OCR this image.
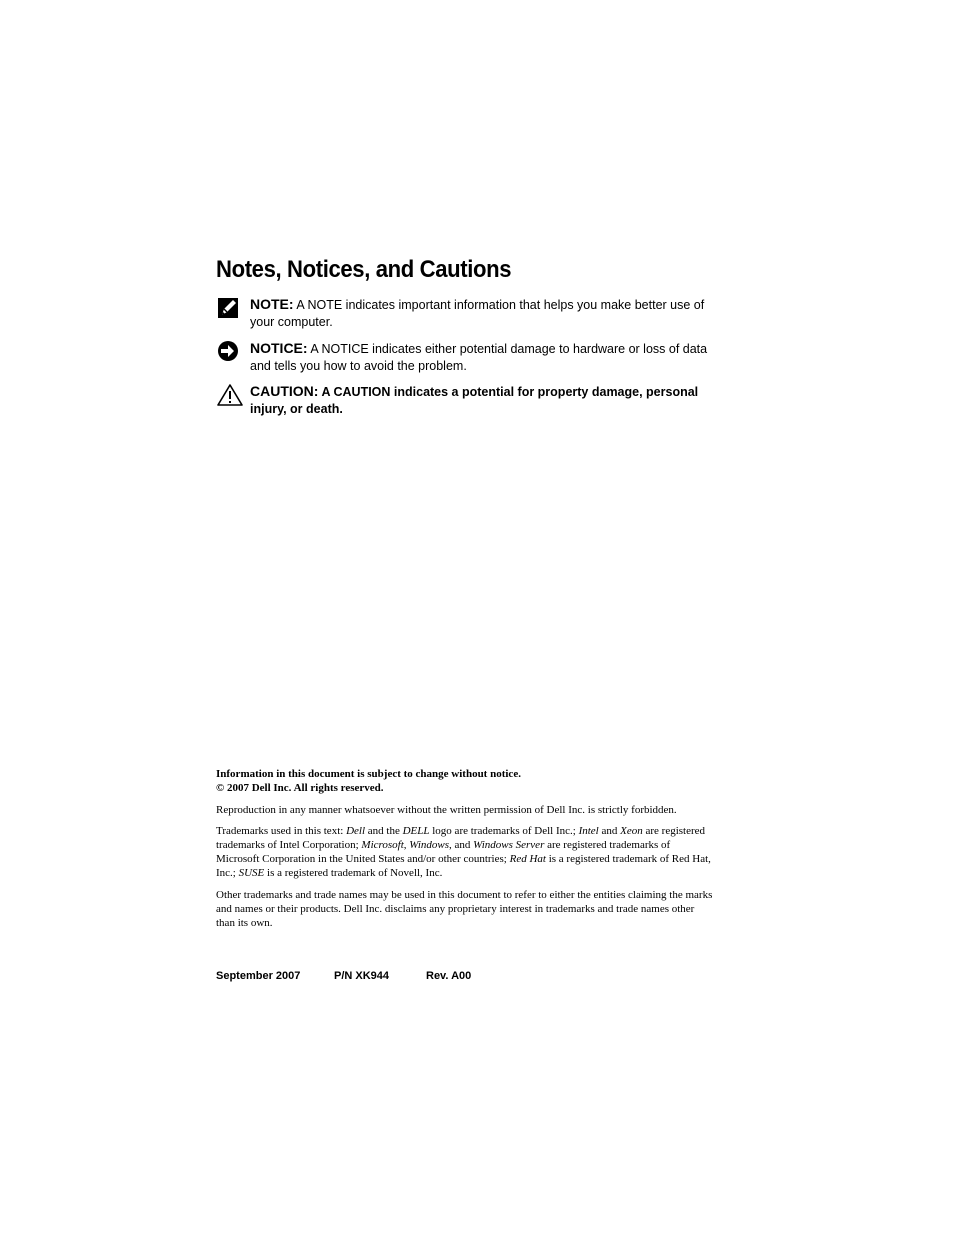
Notes, Notices, and Cautions
NOTE: A NOTE indicates important information that helps you make better use of your computer.
NOTICE: A NOTICE indicates either potential damage to hardware or loss of data and tells you how to avoid the problem.
CAUTION: A CAUTION indicates a potential for property damage, personal injury, or death.

Information in this document is subject to change without notice.

© 2007 Dell Inc. All rights reserved.

Reproduction in any manner whatsoever without the written permission of Dell Inc. is strictly forbidden.

Trademarks used in this text: Dell and the DELL logo are trademarks of Dell Inc.; Intel and Xeon are registered trademarks of Intel Corporation; Microsoft, Windows, and Windows Server are registered trademarks of Microsoft Corporation in the United States and/or other countries; Red Hat is a registered trademark of Red Hat, Inc.; SUSE is a registered trademark of Novell, Inc.

Other trademarks and trade names may be used in this document to refer to either the entities claiming the marks and names or their products. Dell Inc. disclaims any proprietary interest in trademarks and trade names other than its own.

September 2007	P/N XK944	Rev. A00
